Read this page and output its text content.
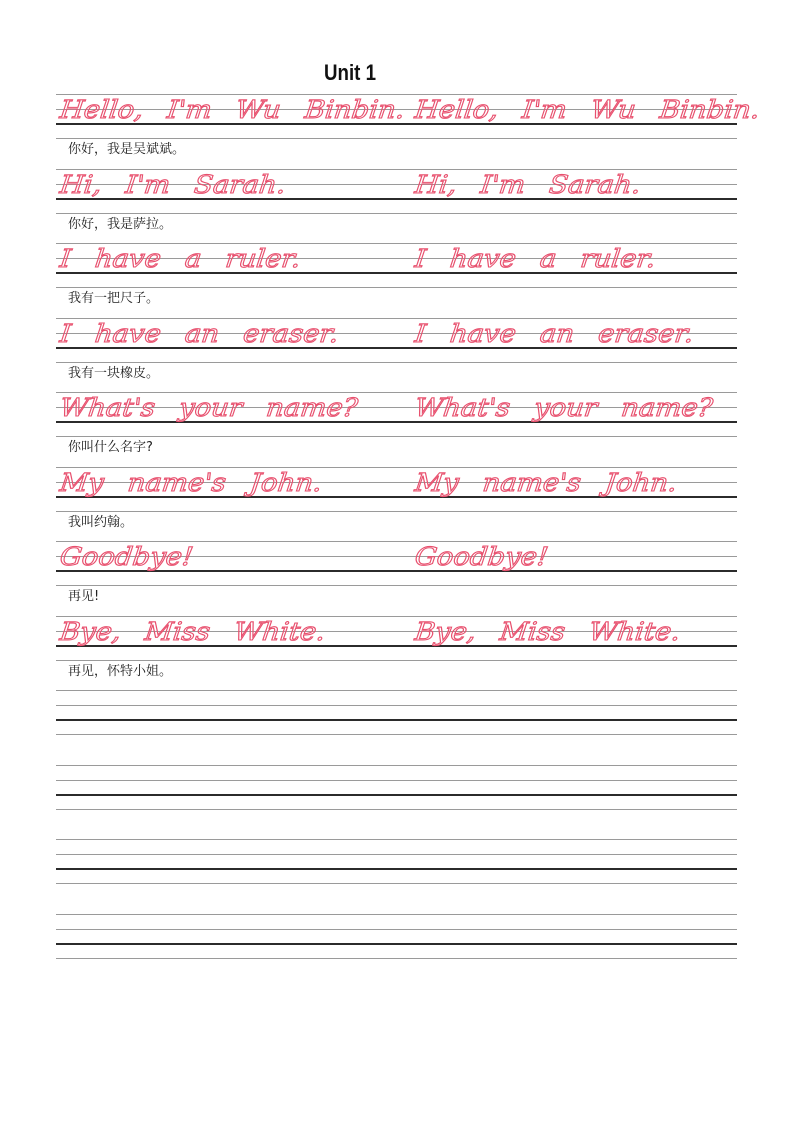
Unit 1
Hello, I'm Wu Binbin. Hello, I'm Wu Binbin.
你好，我是吴斌斌。
Hi, I'm Sarah.	Hi, I'm Sarah.
你好，我是萨拉。
I have a ruler.	I have a ruler.
我有一把尺子。
I have an eraser.	I have an eraser.
我有一块橡皮。
What's your name? What's your name?
你叫什么名字?
My name's John.	My name's John.
我叫约翰。
Goodbye!	Goodbye!
再见!
Bye, Miss White.	Bye, Miss White.
再见，怀特小姐。
